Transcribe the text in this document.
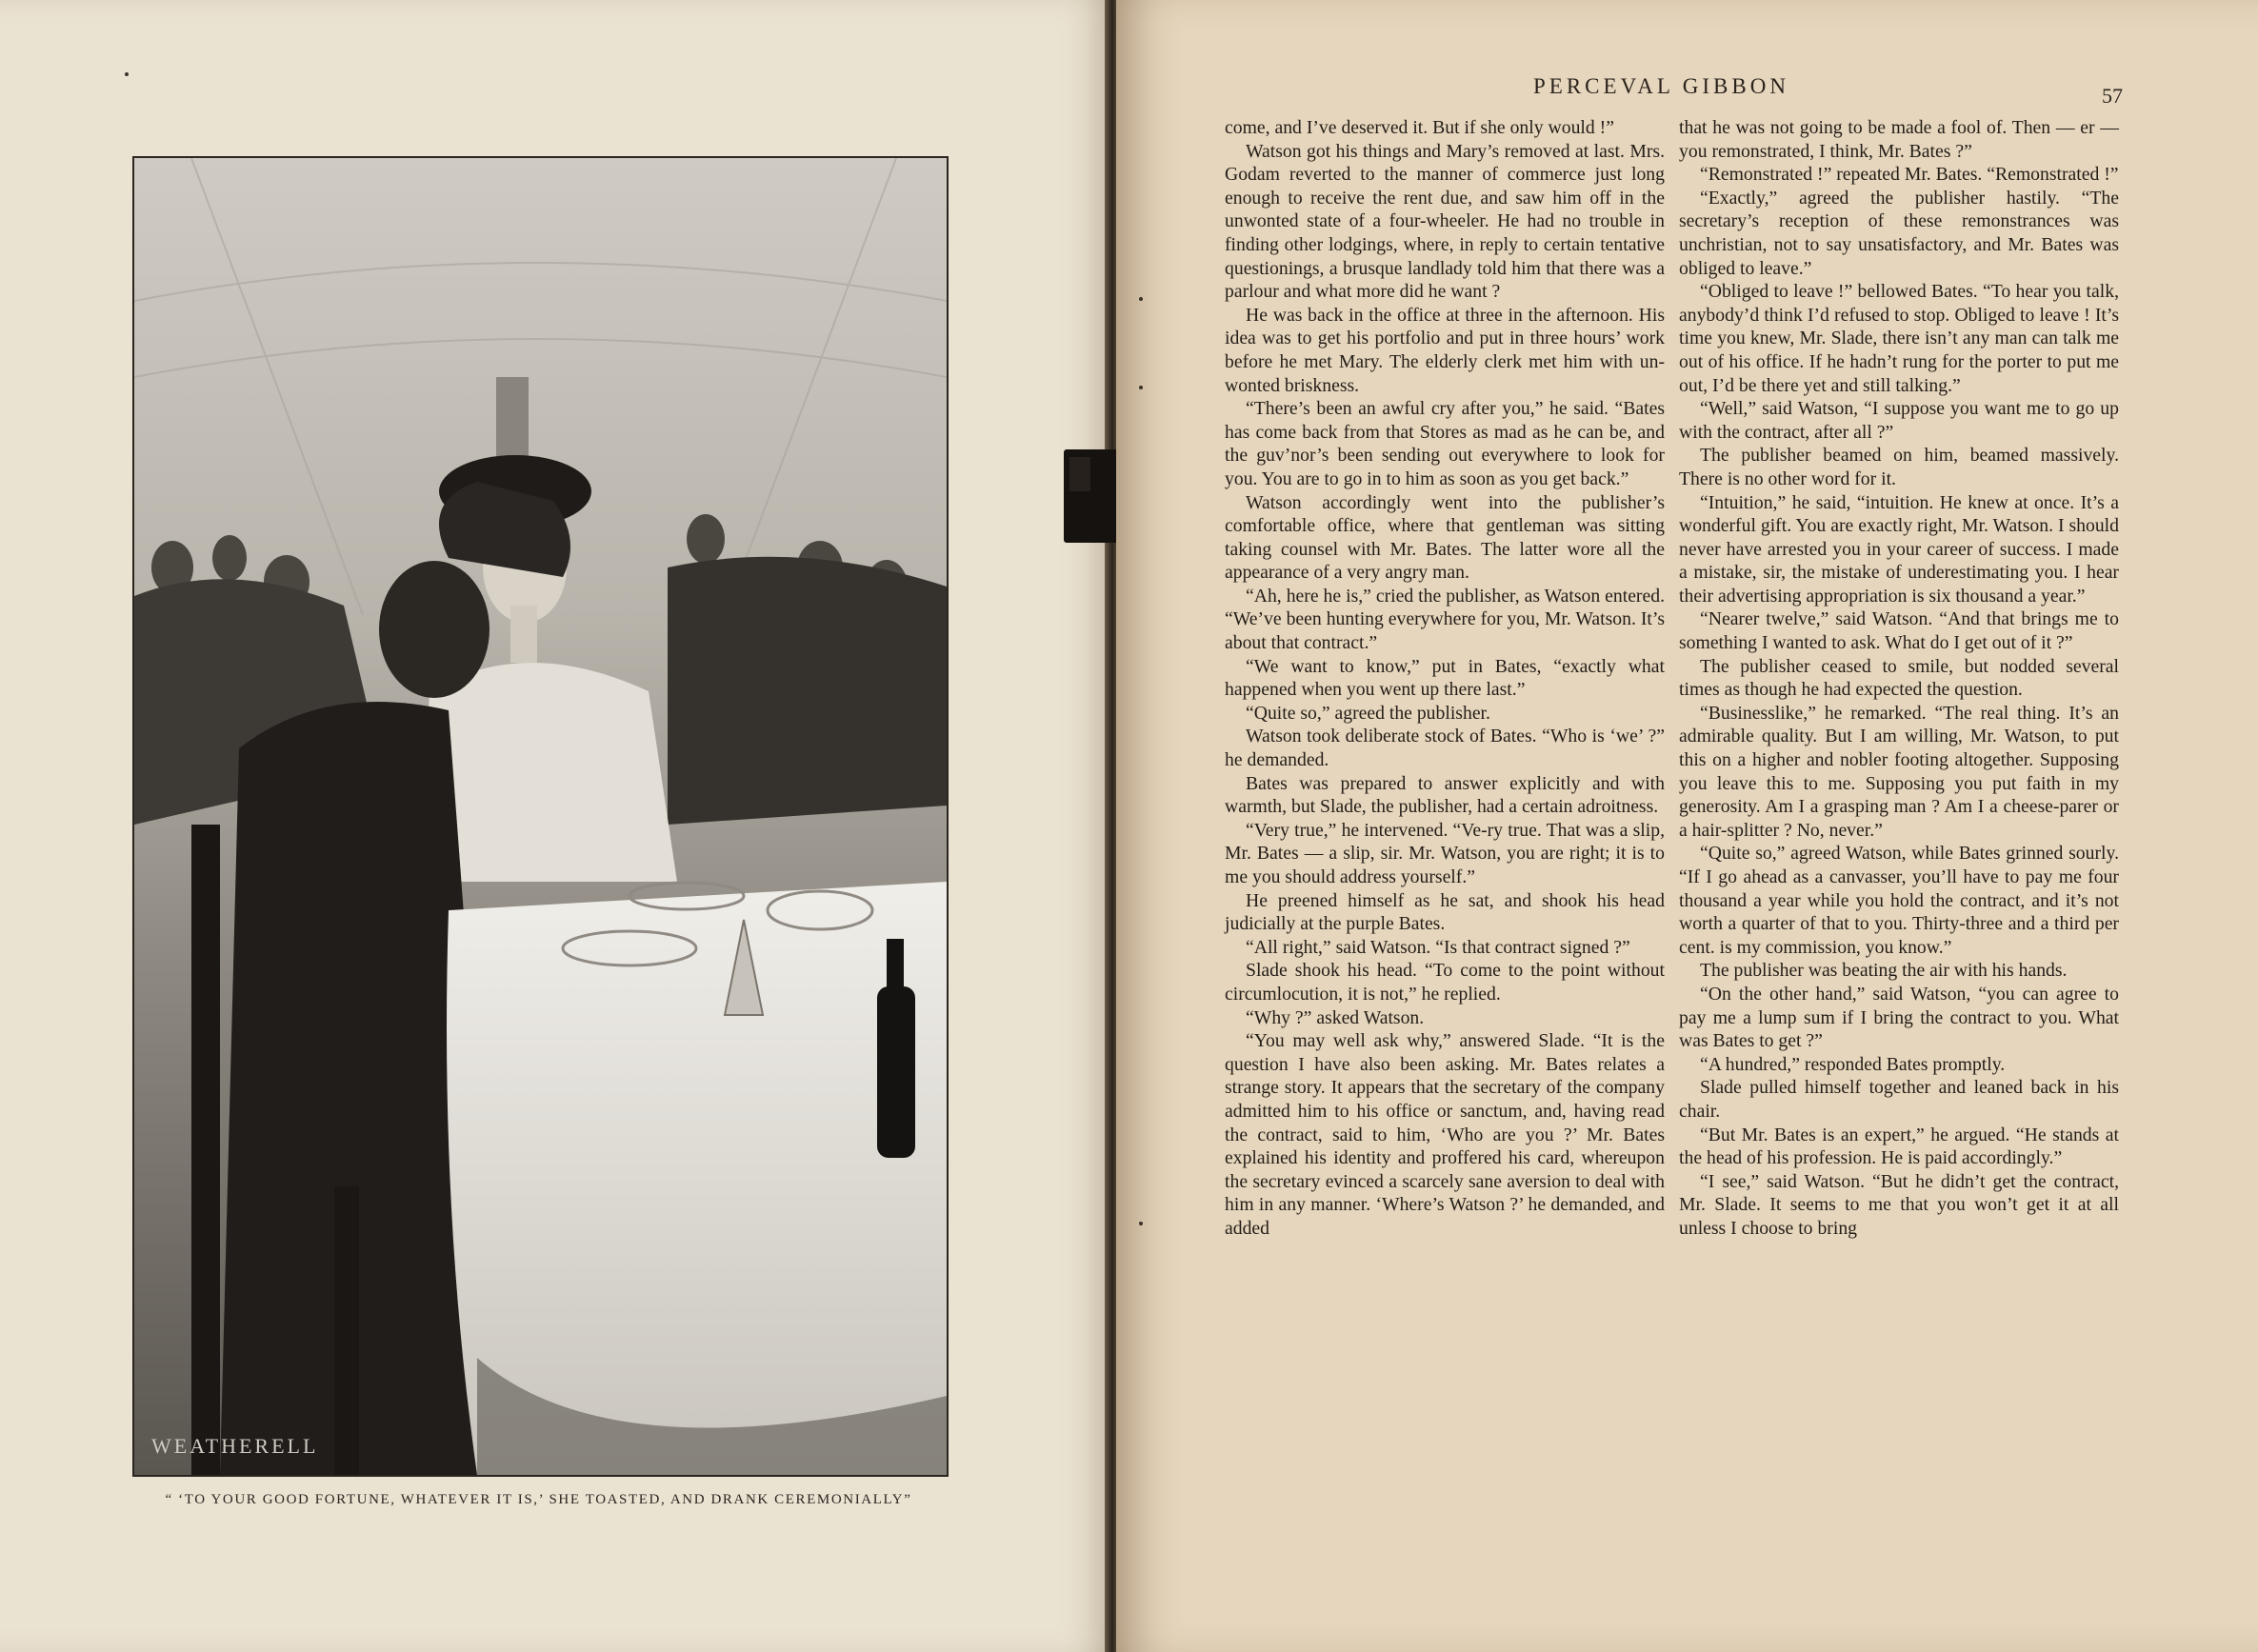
WEATHERELL
“ ‘TO YOUR GOOD FORTUNE, WHATEVER IT IS,’ SHE TOASTED, AND DRANK CEREMONIALLY”
PERCEVAL GIBBON	57

come, and I’ve deserved it. But if she only would !”

Watson got his things and Mary’s removed at last. Mrs. Godam reverted to the manner of commerce just long enough to receive the rent due, and saw him off in the unwonted state of a four-wheeler. He had no trouble in finding other lodgings, where, in reply to certain tentative questionings, a brusque landlady told him that there was a parlour and what more did he want ?

He was back in the office at three in the afternoon. His idea was to get his portfolio and put in three hours’ work before he met Mary. The elderly clerk met him with unwonted briskness.

“There’s been an awful cry after you,” he said. “Bates has come back from that Stores as mad as he can be, and the guv’nor’s been sending out everywhere to look for you. You are to go in to him as soon as you get back.”

Watson accordingly went into the publisher’s comfortable office, where that gentleman was sitting taking counsel with Mr. Bates. The latter wore all the appearance of a very angry man.

“Ah, here he is,” cried the publisher, as Watson entered. “We’ve been hunting everywhere for you, Mr. Watson. It’s about that contract.”

“We want to know,” put in Bates, “exactly what happened when you went up there last.”

“Quite so,” agreed the publisher.

Watson took deliberate stock of Bates. “Who is ‘we’ ?” he demanded.

Bates was prepared to answer explicitly and with warmth, but Slade, the publisher, had a certain adroitness.

“Very true,” he intervened. “Ve-ry true. That was a slip, Mr. Bates — a slip, sir. Mr. Watson, you are right; it is to me you should address yourself.”

He preened himself as he sat, and shook his head judicially at the purple Bates.

“All right,” said Watson. “Is that contract signed ?”

Slade shook his head. “To come to the point without circumlocution, it is not,” he replied.

“Why ?” asked Watson.

“You may well ask why,” answered Slade. “It is the question I have also been asking. Mr. Bates relates a strange story. It appears that the secretary of the company admitted him to his office or sanctum, and, having read the contract, said to him, ‘Who are you ?’ Mr. Bates explained his identity and proffered his card, whereupon the secretary evinced a scarcely sane aversion to deal with him in any manner. ‘Where’s Watson ?’ he demanded, and added

that he was not going to be made a fool of. Then — er — you remonstrated, I think, Mr. Bates ?”

“Remonstrated !” repeated Mr. Bates. “Remonstrated !”

“Exactly,” agreed the publisher hastily. “The secretary’s reception of these remonstrances was unchristian, not to say unsatisfactory, and Mr. Bates was obliged to leave.”

“Obliged to leave !” bellowed Bates. “To hear you talk, anybody’d think I’d refused to stop. Obliged to leave ! It’s time you knew, Mr. Slade, there isn’t any man can talk me out of his office. If he hadn’t rung for the porter to put me out, I’d be there yet and still talking.”

“Well,” said Watson, “I suppose you want me to go up with the contract, after all ?”

The publisher beamed on him, beamed massively. There is no other word for it.

“Intuition,” he said, “intuition. He knew at once. It’s a wonderful gift. You are exactly right, Mr. Watson. I should never have arrested you in your career of success. I made a mistake, sir, the mistake of underestimating you. I hear their advertising appropriation is six thousand a year.”

“Nearer twelve,” said Watson. “And that brings me to something I wanted to ask. What do I get out of it ?”

The publisher ceased to smile, but nodded several times as though he had expected the question.

“Businesslike,” he remarked. “The real thing. It’s an admirable quality. But I am willing, Mr. Watson, to put this on a higher and nobler footing altogether. Supposing you leave this to me. Supposing you put faith in my generosity. Am I a grasping man ? Am I a cheese-parer or a hair-splitter ? No, never.”

“Quite so,” agreed Watson, while Bates grinned sourly. “If I go ahead as a canvasser, you’ll have to pay me four thousand a year while you hold the contract, and it’s not worth a quarter of that to you. Thirty-three and a third per cent. is my commission, you know.”

The publisher was beating the air with his hands.

“On the other hand,” said Watson, “you can agree to pay me a lump sum if I bring the contract to you. What was Bates to get ?”

“A hundred,” responded Bates promptly.

Slade pulled himself together and leaned back in his chair.

“But Mr. Bates is an expert,” he argued. “He stands at the head of his profession. He is paid accordingly.”

“I see,” said Watson. “But he didn’t get the contract, Mr. Slade. It seems to me that you won’t get it at all unless I choose to bring
